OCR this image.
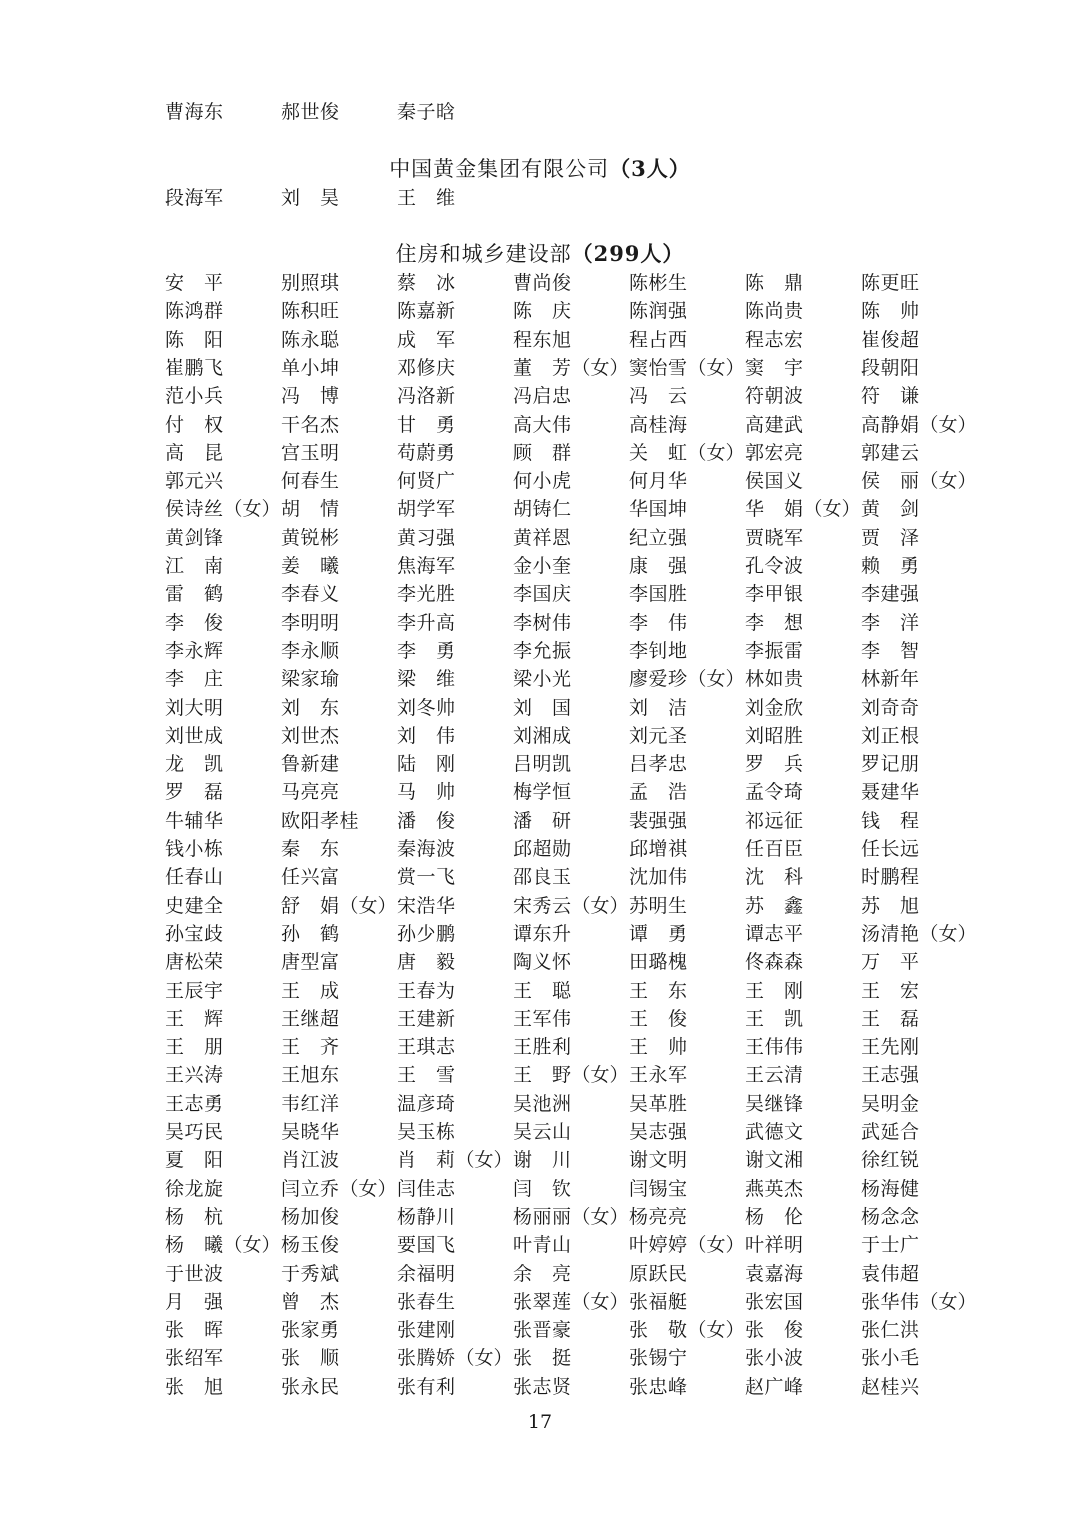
曹海东	郝世俊	秦子晗
中国黄金集团有限公司（3人）
段海军	刘　昊	王　维
住房和城乡建设部（299人）
安　平	别照琪	蔡　冰	曹尚俊	陈彬生	陈　鼎	陈更旺
陈鸿群	陈积旺	陈嘉新	陈　庆	陈润强	陈尚贵	陈　帅
陈　阳	陈永聪	成　军	程东旭	程占西	程志宏	崔俊超
崔鹏飞	单小坤	邓修庆	董　芳（女） 窦怡雪（女） 窦　宇	段朝阳
范小兵	冯　博	冯洛新	冯启忠	冯　云	符朝波	符　谦
付　权	干名杰	甘　勇	高大伟	高桂海	高建武	高静娟（女）
高　昆	宫玉明	苟蔚勇	顾　群	关　虹（女） 郭宏亮	郭建云
郭元兴	何春生	何贤广	何小虎	何月华	侯国义	侯　丽（女）
侯诗丝（女） 胡　情	胡学军	胡铸仁	华国坤	华　娟（女） 黄　剑
黄剑锋	黄锐彬	黄习强	黄祥恩	纪立强	贾晓军	贾　泽
江　南	姜　曦	焦海军	金小奎	康　强	孔令波	赖　勇
雷　鹤	李春义	李光胜	李国庆	李国胜	李甲银	李建强
李　俊	李明明	李升高	李树伟	李　伟	李　想	李　洋
李永辉	李永顺	李　勇	李允振	李钊地	李振雷	李　智
李　庄	梁家瑜	梁　维	梁小光	廖爱珍（女） 林如贵	林新年
刘大明	刘　东	刘冬帅	刘　国	刘　洁	刘金欣	刘奇奇
刘世成	刘世杰	刘　伟	刘湘成	刘元圣	刘昭胜	刘正根
龙　凯	鲁新建	陆　刚	吕明凯	吕孝忠	罗　兵	罗记朋
罗　磊	马亮亮	马　帅	梅学恒	孟　浩	孟令琦	聂建华
牛辅华	欧阳孝桂 潘　俊	潘　研	裴强强	祁远征	钱　程
钱小栋	秦　东	秦海波	邱超勋	邱增祺	任百臣	任长远
任春山	任兴富	赏一飞	邵良玉	沈加伟	沈　科	时鹏程
史建全	舒　娟（女） 宋浩华	宋秀云（女） 苏明生	苏　鑫	苏　旭
孙宝歧	孙　鹤	孙少鹏	谭东升	谭　勇	谭志平	汤清艳（女）
唐松荣	唐型富	唐　毅	陶义怀	田璐槐	佟森森	万　平
王辰宇	王　成	王春为	王　聪	王　东	王　刚	王　宏
王　辉	王继超	王建新	王军伟	王　俊	王　凯	王　磊
王　朋	王　齐	王琪志	王胜利	王　帅	王伟伟	王先刚
王兴涛	王旭东	王　雪	王　野（女） 王永军	王云清	王志强
王志勇	韦红洋	温彦琦	吴池洲	吴革胜	吴继锋	吴明金
吴巧民	吴晓华	吴玉栋	吴云山	吴志强	武德文	武延合
夏　阳	肖江波	肖　莉（女） 谢　川	谢文明	谢文湘	徐红锐
徐龙旋	闫立乔（女） 闫佳志	闫　钦	闫锡宝	燕英杰	杨海健
杨　杭	杨加俊	杨静川	杨丽丽（女） 杨亮亮	杨　伦	杨念念
杨　曦（女） 杨玉俊	要国飞	叶青山	叶婷婷（女） 叶祥明	于士广
于世波	于秀斌	余福明	余　亮	原跃民	袁嘉海	袁伟超
月　强	曾　杰	张春生	张翠莲（女） 张福艇	张宏国	张华伟（女）
张　晖	张家勇	张建刚	张晋豪	张　敬（女） 张　俊	张仁洪
张绍军	张　顺	张腾娇（女） 张　挺	张锡宁	张小波	张小毛
张　旭	张永民	张有利	张志贤	张忠峰	赵广峰	赵桂兴
17
